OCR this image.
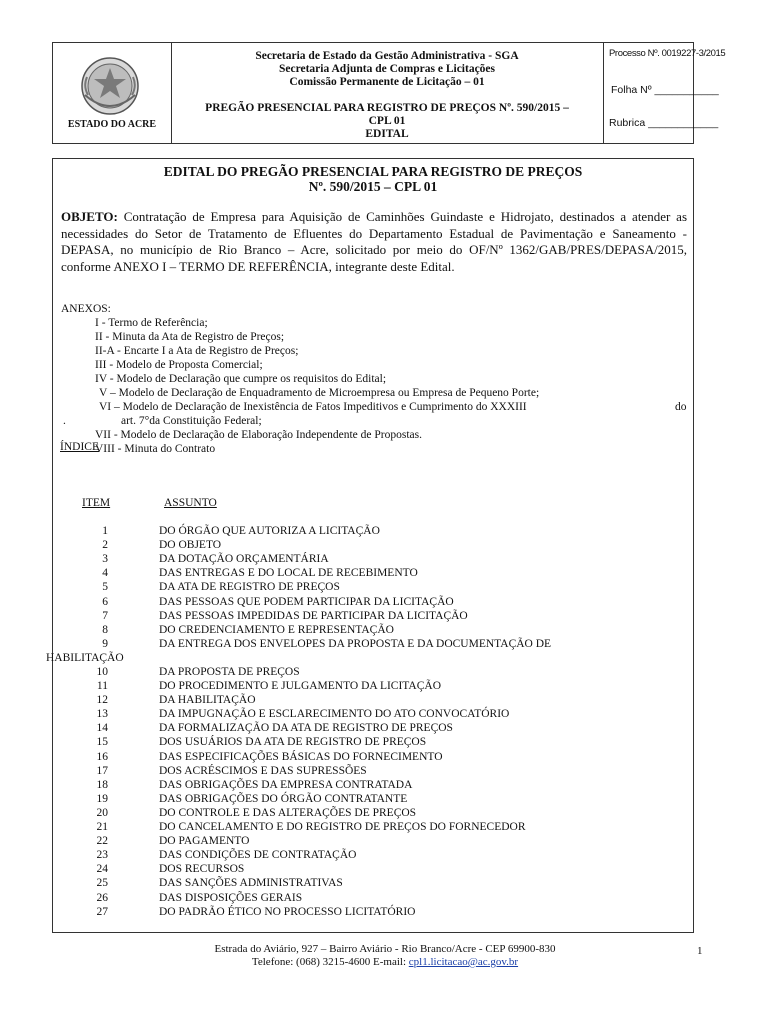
ESTADO DO ACRE
Secretaria de Estado da Gestão Administrativa - SGA
Secretaria Adjunta de Compras e Licitações
Comissão Permanente de Licitação – 01
PREGÃO PRESENCIAL PARA REGISTRO DE PREÇOS Nº. 590/2015 –
CPL 01
EDITAL
Processo Nº. 0019227-3/2015
Folha Nº ___________
Rubrica ____________
EDITAL DO PREGÃO PRESENCIAL PARA REGISTRO DE PREÇOS
Nº. 590/2015 – CPL 01
OBJETO: Contratação de Empresa para Aquisição de Caminhões Guindaste e Hidrojato, destinados a atender as necessidades do Setor de Tratamento de Efluentes do Departamento Estadual de Pavimentação e Saneamento - DEPASA, no município de Rio Branco – Acre, solicitado por meio do OF/Nº 1362/GAB/PRES/DEPASA/2015, conforme ANEXO I – TERMO DE REFERÊNCIA, integrante deste Edital.
ANEXOS:
I - Termo de Referência;
II - Minuta da Ata de Registro de Preços;
II-A - Encarte I a Ata de Registro de Preços;
III - Modelo de Proposta Comercial;
IV - Modelo de Declaração que cumpre os requisitos do Edital;
V – Modelo de Declaração de Enquadramento de Microempresa ou Empresa de Pequeno Porte;
VI – Modelo de Declaração de Inexistência de Fatos Impeditivos e Cumprimento do XXXIII	do
.	art. 7°da Constituição Federal;
VII - Modelo de Declaração de Elaboração Independente de Propostas.
VIII - Minuta do Contrato
ÍNDICE
ITEM	ASSUNTO
1	DO ÓRGÃO QUE AUTORIZA A LICITAÇÃO
2	DO OBJETO
3	DA DOTAÇÃO ORÇAMENTÁRIA
4	DAS ENTREGAS E DO LOCAL DE RECEBIMENTO
5	DA ATA DE REGISTRO DE PREÇOS
6	DAS PESSOAS QUE PODEM PARTICIPAR DA LICITAÇÃO
7	DAS PESSOAS IMPEDIDAS DE PARTICIPAR DA LICITAÇÃO
8	DO CREDENCIAMENTO E REPRESENTAÇÃO
9	DA ENTREGA DOS ENVELOPES DA PROPOSTA E DA DOCUMENTAÇÃO DE
HABILITAÇÃO
10	DA PROPOSTA DE PREÇOS
11	DO PROCEDIMENTO E JULGAMENTO DA LICITAÇÃO
12	DA HABILITAÇÃO
13	DA IMPUGNAÇÃO E ESCLARECIMENTO DO ATO CONVOCATÓRIO
14	DA FORMALIZAÇÃO DA ATA DE REGISTRO DE PREÇOS
15	DOS USUÁRIOS DA ATA DE REGISTRO DE PREÇOS
16	DAS ESPECIFICAÇÕES BÁSICAS DO FORNECIMENTO
17	DOS ACRÉSCIMOS E DAS SUPRESSÕES
18	DAS OBRIGAÇÕES DA EMPRESA CONTRATADA
19	DAS OBRIGAÇÕES DO ÓRGÃO CONTRATANTE
20	DO CONTROLE E DAS ALTERAÇÕES DE PREÇOS
21	DO CANCELAMENTO E DO REGISTRO DE PREÇOS DO FORNECEDOR
22	DO PAGAMENTO
23	DAS CONDIÇÕES DE CONTRATAÇÃO
24	DOS RECURSOS
25	DAS SANÇÕES ADMINISTRATIVAS
26	DAS DISPOSIÇÕES GERAIS
27	DO PADRÃO ÉTICO NO PROCESSO LICITATÓRIO
Estrada do Aviário, 927 – Bairro Aviário - Rio Branco/Acre - CEP 69900-830
Telefone: (068) 3215-4600 E-mail: cpl1.licitacao@ac.gov.br
1
